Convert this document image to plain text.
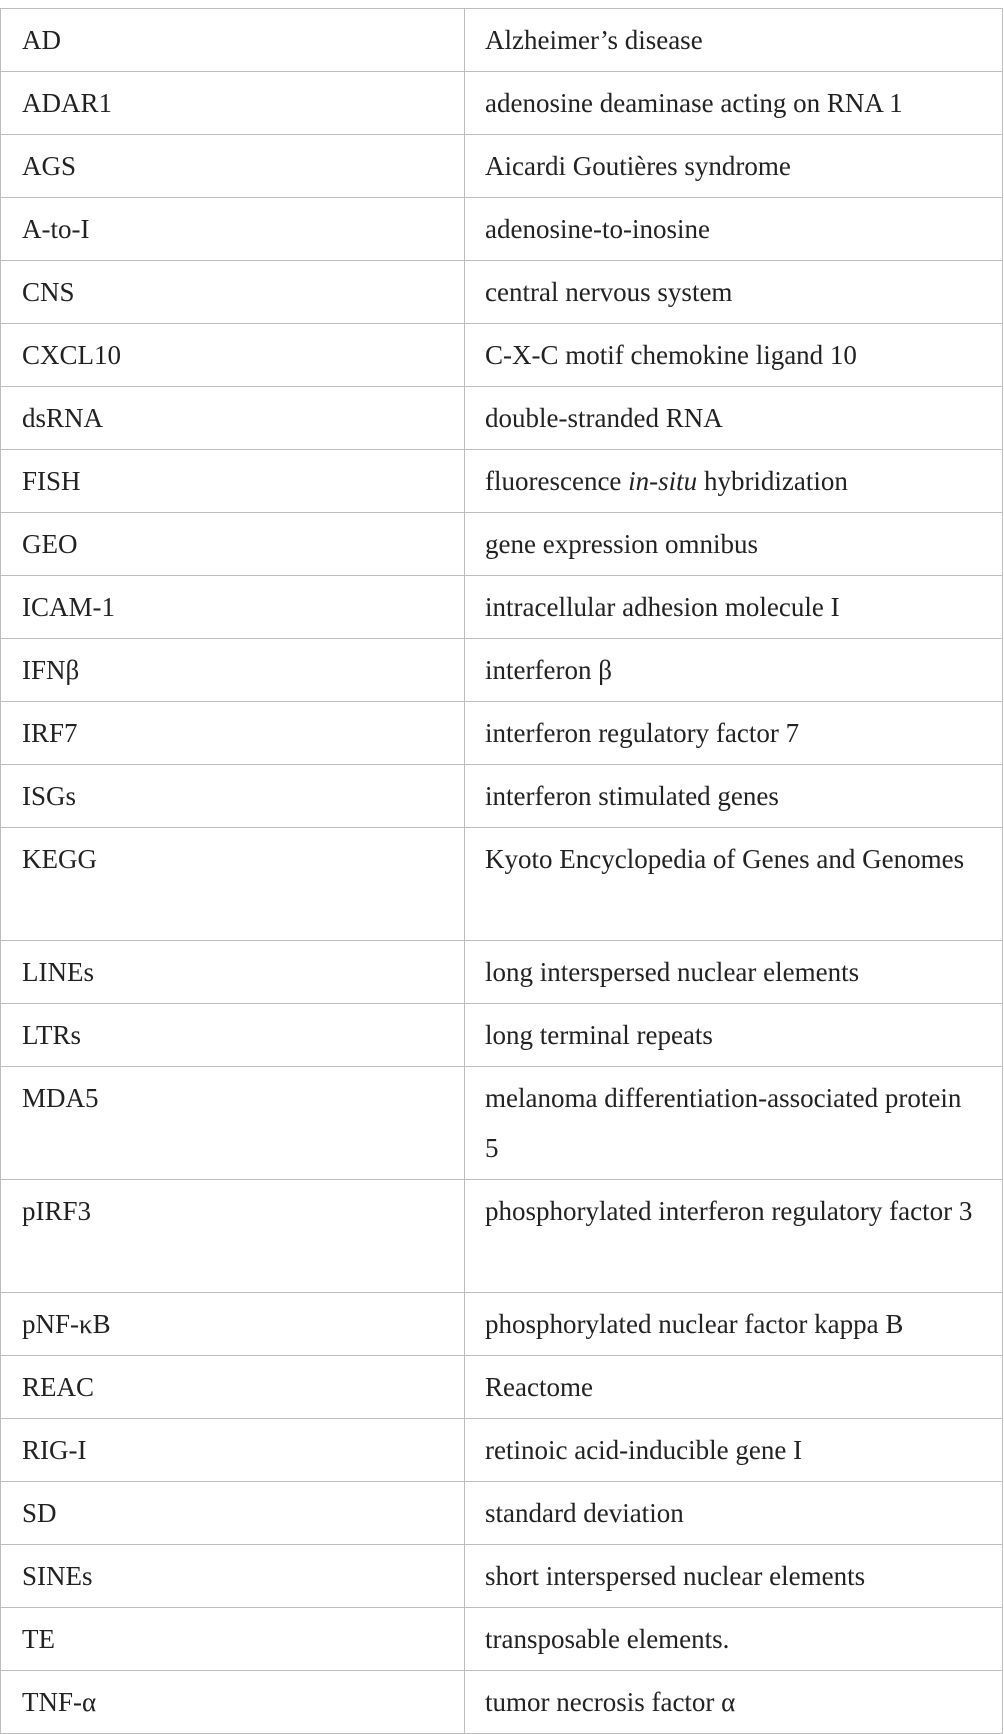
AD	Alzheimer’s disease
ADAR1	adenosine deaminase acting on RNA 1
AGS	Aicardi Goutières syndrome
A-to-I	adenosine-to-inosine
CNS	central nervous system
CXCL10	C-X-C motif chemokine ligand 10
dsRNA	double-stranded RNA
FISH	fluorescence in-situ hybridization
GEO	gene expression omnibus
ICAM-1	intracellular adhesion molecule I
IFNβ	interferon β
IRF7	interferon regulatory factor 7
ISGs	interferon stimulated genes
KEGG	Kyoto Encyclopedia of Genes and Genomes
LINEs	long interspersed nuclear elements
LTRs	long terminal repeats
MDA5	melanoma differentiation-associated protein 5
pIRF3	phosphorylated interferon regulatory factor 3
pNF-κB	phosphorylated nuclear factor kappa B
REAC	Reactome
RIG-I	retinoic acid-inducible gene I
SD	standard deviation
SINEs	short interspersed nuclear elements
TE	transposable elements.
TNF-α	tumor necrosis factor α
